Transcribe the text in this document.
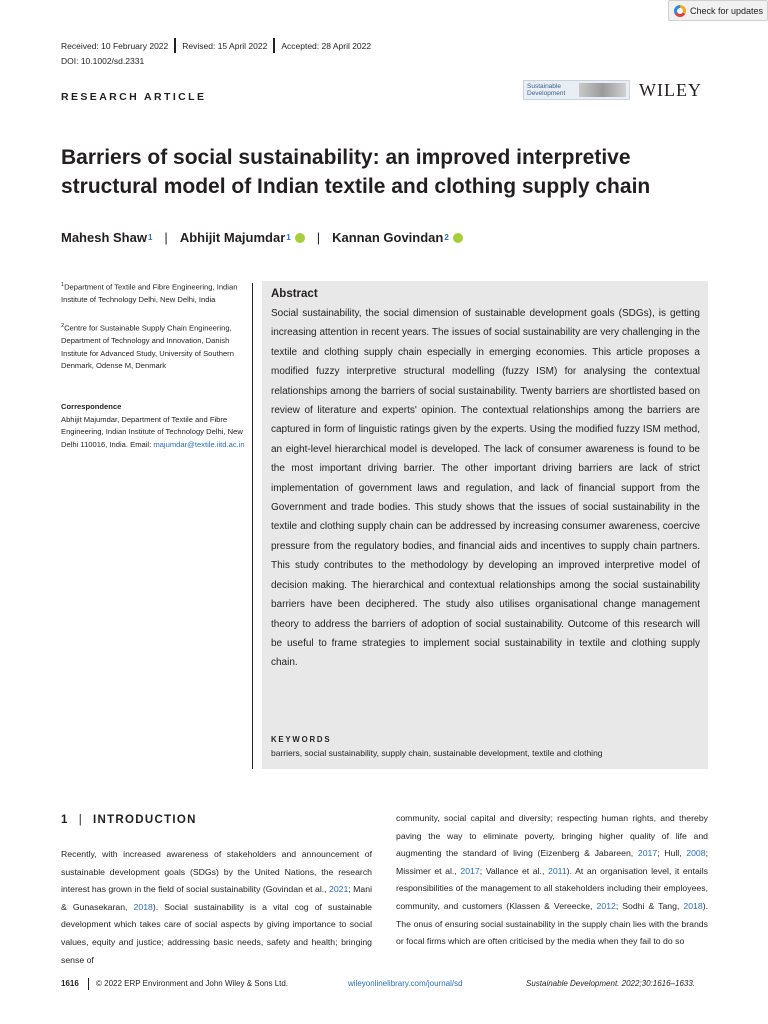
Check for updates
Received: 10 February 2022 Revised: 15 April 2022 Accepted: 28 April 2022
DOI: 10.1002/sd.2331
RESEARCH ARTICLE
Sustainable Development	WILEY
Barriers of social sustainability: an improved interpretive structural model of Indian textile and clothing supply chain
Mahesh Shaw 1 | Abhijit Majumdar 1 | Kannan Govindan 2
$^1$Department of Textile and Fibre Engineering, Indian Institute of Technology Delhi, New Delhi, India
$^2$Centre for Sustainable Supply Chain Engineering, Department of Technology and Innovation, Danish Institute for Advanced Study, University of Southern Denmark, Odense M, Denmark
Correspondence
Abhijit Majumdar, Department of Textile and Fibre Engineering, Indian Institute of Technology Delhi, New Delhi 110016, India. Email: majumdar@textile.iitd.ac.in
Abstract
Social sustainability, the social dimension of sustainable development goals (SDGs), is getting increasing attention in recent years. The issues of social sustainability are very challenging in the textile and clothing supply chain especially in emerging economies. This article proposes a modified fuzzy interpretive structural modelling (fuzzy ISM) for analysing the contextual relationships among the barriers of social sustainability. Twenty barriers are shortlisted based on review of literature and experts' opinion. The contextual relationships among the barriers are captured in form of linguistic ratings given by the experts. Using the modified fuzzy ISM method, an eight-level hierarchical model is developed. The lack of consumer awareness is found to be the most important driving barrier. The other important driving barriers are lack of strict implementation of government laws and regulation, and lack of financial support from the Government and trade bodies. This study shows that the issues of social sustainability in the textile and clothing supply chain can be addressed by increasing consumer awareness, coercive pressure from the regulatory bodies, and financial aids and incentives to supply chain partners. This study contributes to the methodology by developing an improved interpretive model of decision making. The hierarchical and contextual relationships among the social sustainability barriers have been deciphered. The study also utilises organisational change management theory to address the barriers of adoption of social sustainability. Outcome of this research will be useful to frame strategies to implement social sustainability in textile and clothing supply chain.
KEYWORDS
barriers, social sustainability, supply chain, sustainable development, textile and clothing
1 | INTRODUCTION
Recently, with increased awareness of stakeholders and announcement of sustainable development goals (SDGs) by the United Nations, the research interest has grown in the field of social sustainability (Govindan et al., 2021; Mani & Gunasekaran, 2018). Social sustainability is a vital cog of sustainable development which takes care of social aspects by giving importance to social values, equity and justice; addressing basic needs, safety and health; bringing sense of
community, social capital and diversity; respecting human rights, and thereby paving the way to eliminate poverty, bringing higher quality of life and augmenting the standard of living (Eizenberg & Jabareen, 2017; Hull, 2008; Missimer et al., 2017; Vallance et al., 2011). At an organisation level, it entails responsibilities of the management to all stakeholders including their employees, community, and customers (Klassen & Vereecke, 2012; Sodhi & Tang, 2018). The onus of ensuring social sustainability in the supply chain lies with the brands or focal firms which are often criticised by the media when they fail to do so
1616 © 2022 ERP Environment and John Wiley & Sons Ltd.	wileyonlinelibrary.com/journal/sd	Sustainable Development. 2022;30:1616–1633.
